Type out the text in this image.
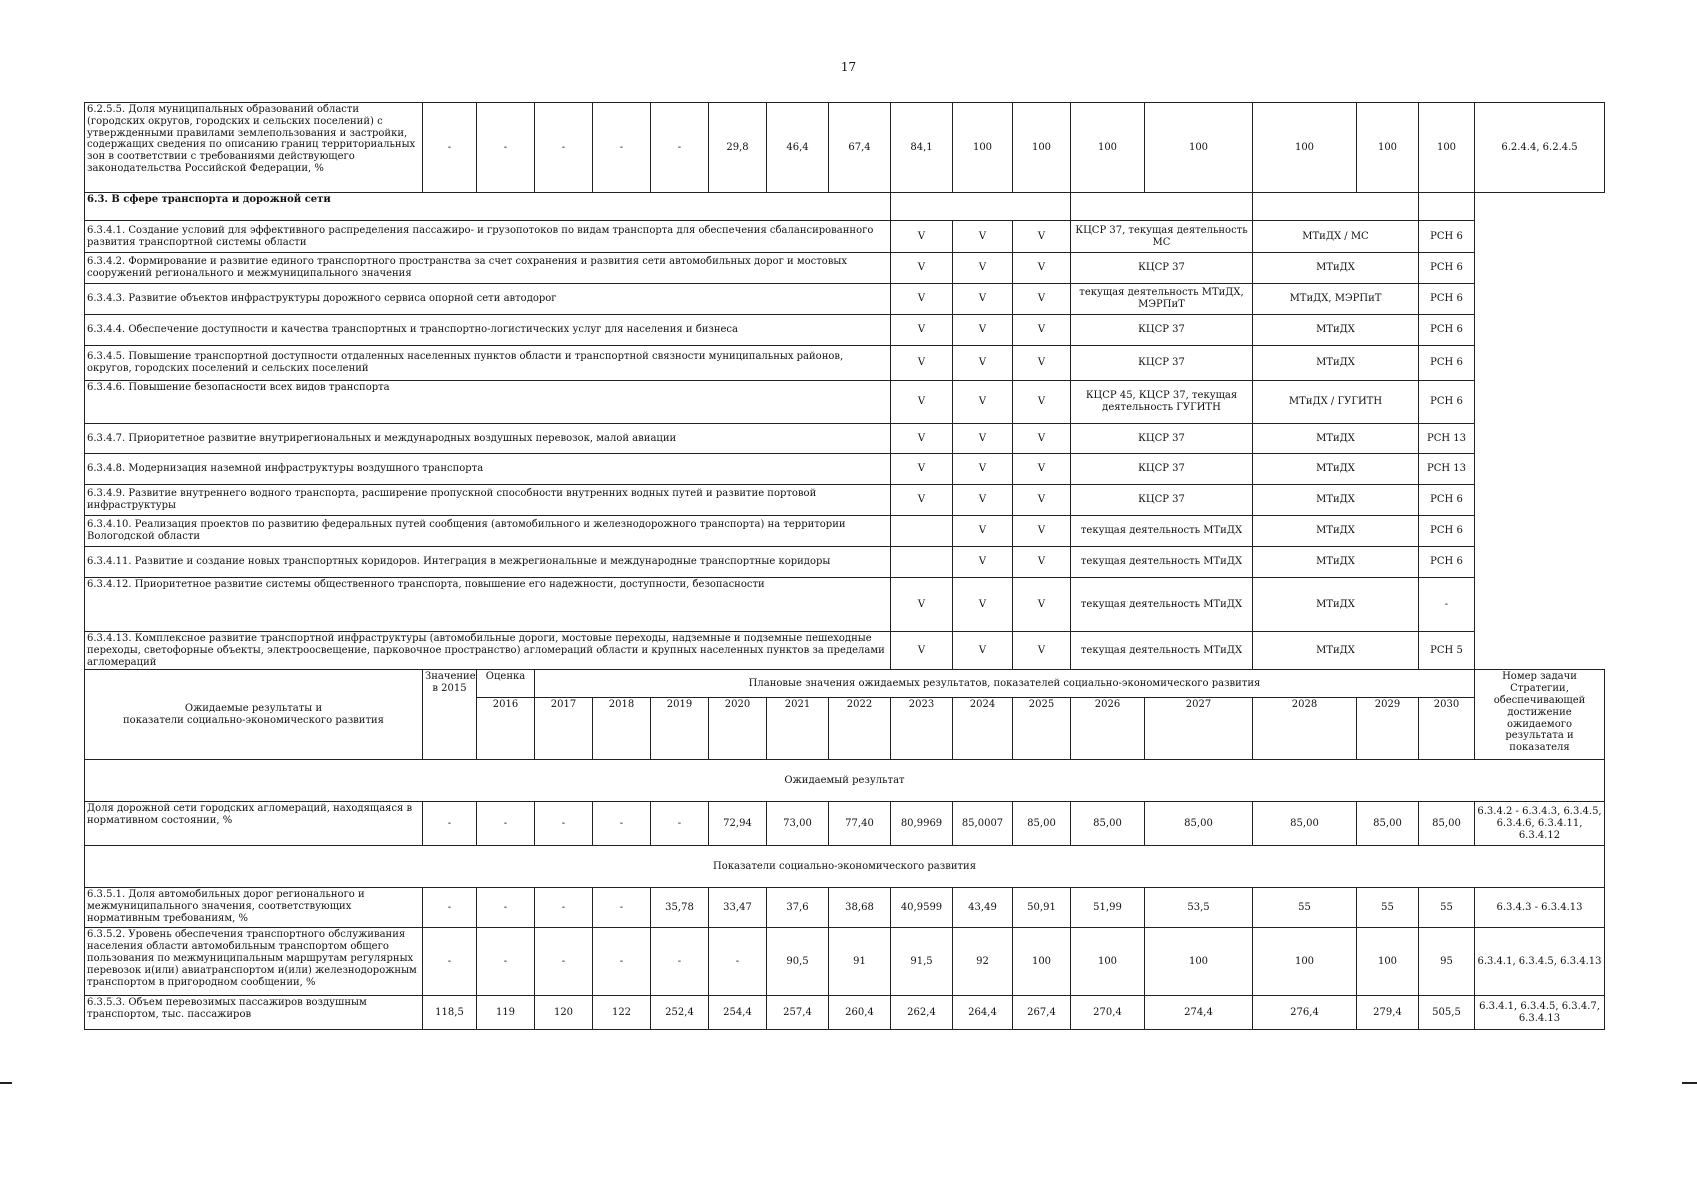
17
6.2.5.5. Доля муниципальных образований области (городских округов, городских и сельских поселений) с утвержденными правилами землепользования и застройки, содержащих сведения по описанию границ территориальных зон в соответствии с требованиями действующего законодательства Российской Федерации, %	-	-	-	-	-	29,8	46,4	67,4	84,1	100	100	100	100	100	100	100	6.2.4.4, 6.2.4.5
6.3. В сфере транспорта и дорожной сети																	
6.3.4.1. Создание условий для эффективного распределения пассажиро- и грузопотоков по видам транспорта для обеспечения сбалансированного развития транспортной системы области									V	V	V	КЦСР 37, текущая деятельность МС		МТиДХ / МС		РСН 6	
6.3.4.2. Формирование и развитие единого транспортного пространства за счет сохранения и развития сети автомобильных дорог и мостовых сооружений регионального и межмуниципального значения									V	V	V	КЦСР 37		МТиДХ		РСН 6	
6.3.4.3. Развитие объектов инфраструктуры дорожного сервиса опорной сети автодорог									V	V	V	текущая деятельность МТиДХ, МЭРПиТ		МТиДХ, МЭРПиТ		РСН 6	
6.3.4.4. Обеспечение доступности и качества транспортных и транспортно-логистических услуг для населения и бизнеса									V	V	V	КЦСР 37		МТиДХ		РСН 6	
6.3.4.5. Повышение транспортной доступности отдаленных населенных пунктов области и транспортной связности муниципальных районов, округов, городских поселений и сельских поселений									V	V	V	КЦСР 37		МТиДХ		РСН 6	
6.3.4.6. Повышение безопасности всех видов транспорта									V	V	V	КЦСР 45, КЦСР 37, текущая деятельность ГУГИТН		МТиДХ / ГУГИТН		РСН 6	
6.3.4.7. Приоритетное развитие внутрирегиональных и международных воздушных перевозок, малой авиации									V	V	V	КЦСР 37		МТиДХ		РСН 13	
6.3.4.8. Модернизация наземной инфраструктуры воздушного транспорта									V	V	V	КЦСР 37		МТиДХ		РСН 13	
6.3.4.9. Развитие внутреннего водного транспорта, расширение пропускной способности внутренних водных путей и развитие портовой инфраструктуры									V	V	V	КЦСР 37		МТиДХ		РСН 6	
6.3.4.10. Реализация проектов по развитию федеральных путей сообщения (автомобильного и железнодорожного транспорта) на территории Вологодской области										V	V	текущая деятельность МТиДХ		МТиДХ		РСН 6	
6.3.4.11. Развитие и создание новых транспортных коридоров. Интеграция в межрегиональные и международные транспортные коридоры										V	V	текущая деятельность МТиДХ		МТиДХ		РСН 6	
6.3.4.12. Приоритетное развитие системы общественного транспорта, повышение его надежности, доступности, безопасности									V	V	V	текущая деятельность МТиДХ		МТиДХ		-	
6.3.4.13. Комплексное развитие транспортной инфраструктуры (автомобильные дороги, мостовые переходы, надземные и подземные пешеходные переходы, светофорные объекты, электроосвещение, парковочное пространство) агломераций области и крупных населенных пунктов за пределами агломераций									V	V	V	текущая деятельность МТиДХ		МТиДХ		РСН 5	
Ожидаемые результаты и
показатели социально-экономического развития	Значение в 2015	Оценка	Плановые значения ожидаемых результатов, показателей социально-экономического развития														Номер задачи Стратегии, обеспечивающей достижение ожидаемого результата и показателя
		2016	2017	2018	2019	2020	2021	2022	2023	2024	2025	2026	2027	2028	2029	2030	
Ожидаемый результат																	
Доля дорожной сети городских агломераций, находящаяся в нормативном состоянии, %	-	-	-	-	-	72,94	73,00	77,40	80,9969	85,0007	85,00	85,00	85,00	85,00	85,00	85,00	6.3.4.2 - 6.3.4.3, 6.3.4.5, 6.3.4.6, 6.3.4.11, 6.3.4.12
Показатели социально-экономического развития																	
6.3.5.1. Доля автомобильных дорог регионального и межмуниципального значения, соответствующих нормативным требованиям, %	-	-	-	-	35,78	33,47	37,6	38,68	40,9599	43,49	50,91	51,99	53,5	55	55	55	6.3.4.3 - 6.3.4.13
6.3.5.2. Уровень обеспечения транспортного обслуживания населения области автомобильным транспортом общего пользования по межмуниципальным маршрутам регулярных перевозок и(или) авиатранспортом и(или) железнодорожным транспортом в пригородном сообщении, %	-	-	-	-	-	-	90,5	91	91,5	92	100	100	100	100	100	95	6.3.4.1, 6.3.4.5, 6.3.4.13
6.3.5.3. Объем перевозимых пассажиров воздушным транспортом, тыс. пассажиров	118,5	119	120	122	252,4	254,4	257,4	260,4	262,4	264,4	267,4	270,4	274,4	276,4	279,4	505,5	6.3.4.1, 6.3.4.5, 6.3.4.7, 6.3.4.13
